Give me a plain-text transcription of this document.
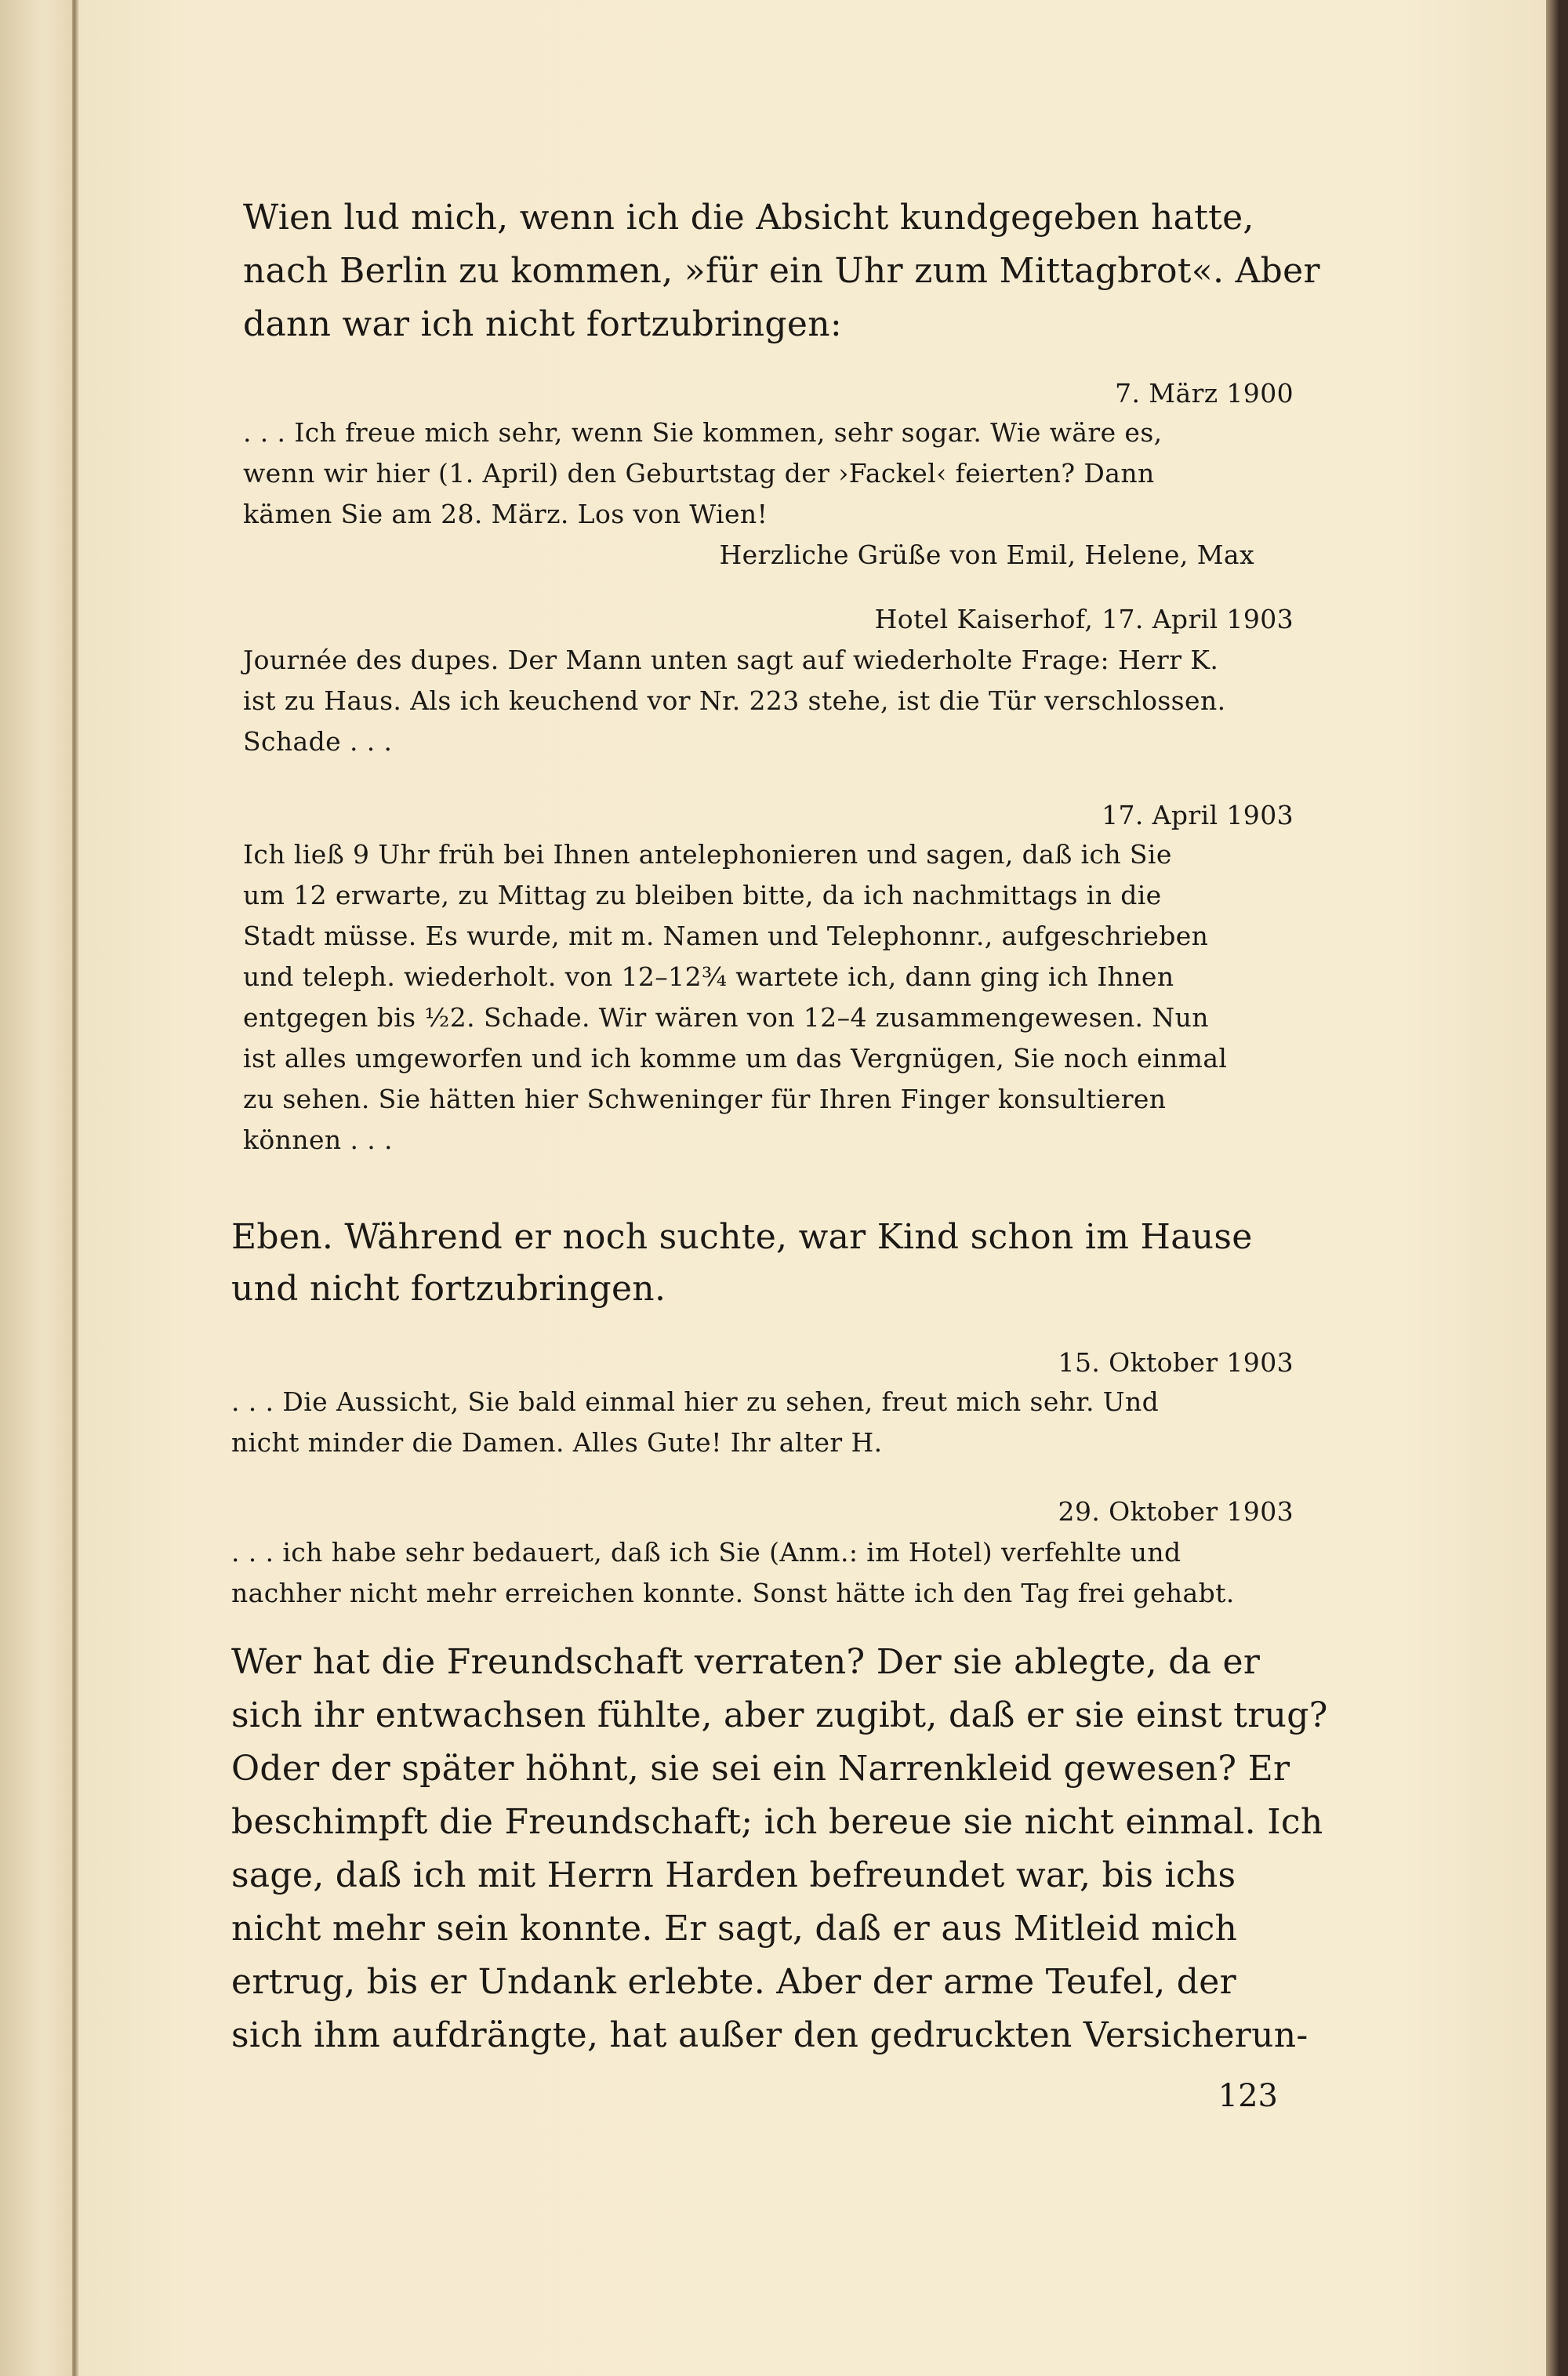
Wien lud mich, wenn ich die Absicht kundgegeben hatte,
nach Berlin zu kommen, »für ein Uhr zum Mittagbrot«. Aber
dann war ich nicht fortzubringen:
7. März 1900
. . . Ich freue mich sehr, wenn Sie kommen, sehr sogar. Wie wäre es,
wenn wir hier (1. April) den Geburtstag der ›Fackel‹ feierten? Dann
kämen Sie am 28. März. Los von Wien!
Herzliche Grüße von Emil, Helene, Max
Hotel Kaiserhof, 17. April 1903
Journée des dupes. Der Mann unten sagt auf wiederholte Frage: Herr K.
ist zu Haus. Als ich keuchend vor Nr. 223 stehe, ist die Tür verschlossen.
Schade . . .
17. April 1903
Ich ließ 9 Uhr früh bei Ihnen antelephonieren und sagen, daß ich Sie
um 12 erwarte, zu Mittag zu bleiben bitte, da ich nachmittags in die
Stadt müsse. Es wurde, mit m. Namen und Telephonnr., aufgeschrieben
und teleph. wiederholt. von 12–12¾ wartete ich, dann ging ich Ihnen
entgegen bis ½2. Schade. Wir wären von 12–4 zusammengewesen. Nun
ist alles umgeworfen und ich komme um das Vergnügen, Sie noch einmal
zu sehen. Sie hätten hier Schweninger für Ihren Finger konsultieren
können . . .
Eben. Während er noch suchte, war Kind schon im Hause
und nicht fortzubringen.
15. Oktober 1903
. . . Die Aussicht, Sie bald einmal hier zu sehen, freut mich sehr. Und
nicht minder die Damen. Alles Gute! Ihr alter H.
29. Oktober 1903
. . . ich habe sehr bedauert, daß ich Sie (Anm.: im Hotel) verfehlte und
nachher nicht mehr erreichen konnte. Sonst hätte ich den Tag frei gehabt.
Wer hat die Freundschaft verraten? Der sie ablegte, da er
sich ihr entwachsen fühlte, aber zugibt, daß er sie einst trug?
Oder der später höhnt, sie sei ein Narrenkleid gewesen? Er
beschimpft die Freundschaft; ich bereue sie nicht einmal. Ich
sage, daß ich mit Herrn Harden befreundet war, bis ichs
nicht mehr sein konnte. Er sagt, daß er aus Mitleid mich
ertrug, bis er Undank erlebte. Aber der arme Teufel, der
sich ihm aufdrängte, hat außer den gedruckten Versicherun-
123
